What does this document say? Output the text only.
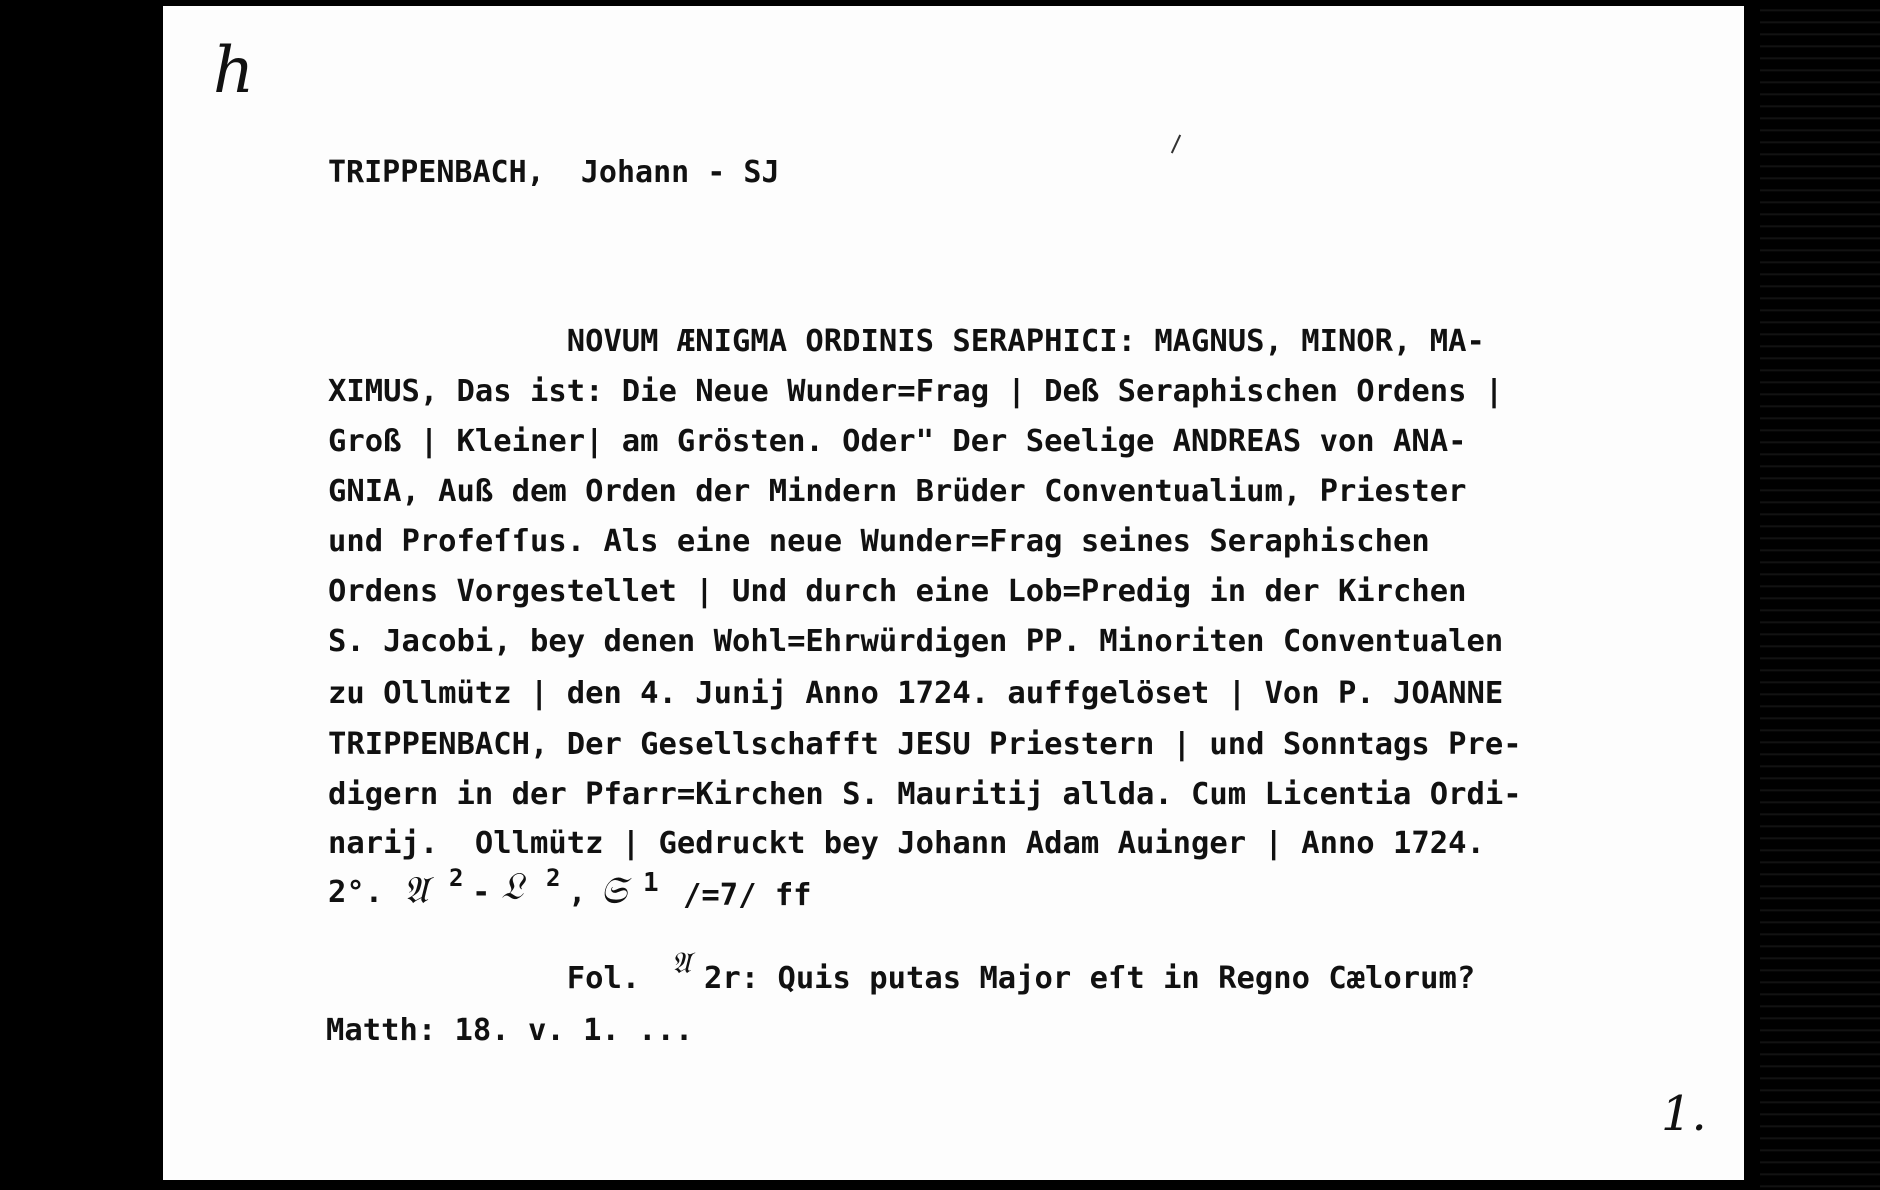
h
TRIPPENBACH,  Johann - SJ
NOVUM ÆNIGMA ORDINIS SERAPHICI: MAGNUS, MINOR, MA-
XIMUS, Das ist: Die Neue Wunder=Frag | Deß Seraphischen Ordens |
Groß | Kleiner| am Grösten. Oder" Der Seelige ANDREAS von ANA-
GNIA, Auß dem Orden der Mindern Brüder Conventualium, Priester
und Profeſſus. Als eine neue Wunder=Frag seines Seraphischen
Ordens Vorgestellet | Und durch eine Lob=Predig in der Kirchen
S. Jacobi, bey denen Wohl=Ehrwürdigen PP. Minoriten Conventualen
zu Ollmütz | den 4. Junij Anno 1724. auffgelöset | Von P. JOANNE
TRIPPENBACH, Der Gesellschafft JESU Priestern | und Sonntags Pre-
digern in der Pfarr=Kirchen S. Mauritij allda. Cum Licentia Ordi-
narij.  Ollmütz | Gedruckt bey Johann Adam Auinger | Anno 1724.
2°. 𝔄 2 - 𝔏 2 , 𝔖 1 /=7/ ff
Fol. 𝔄 2r: Quis putas Major eſt in Regno Cælorum?
Matth: 18. v. 1. ...
1.
